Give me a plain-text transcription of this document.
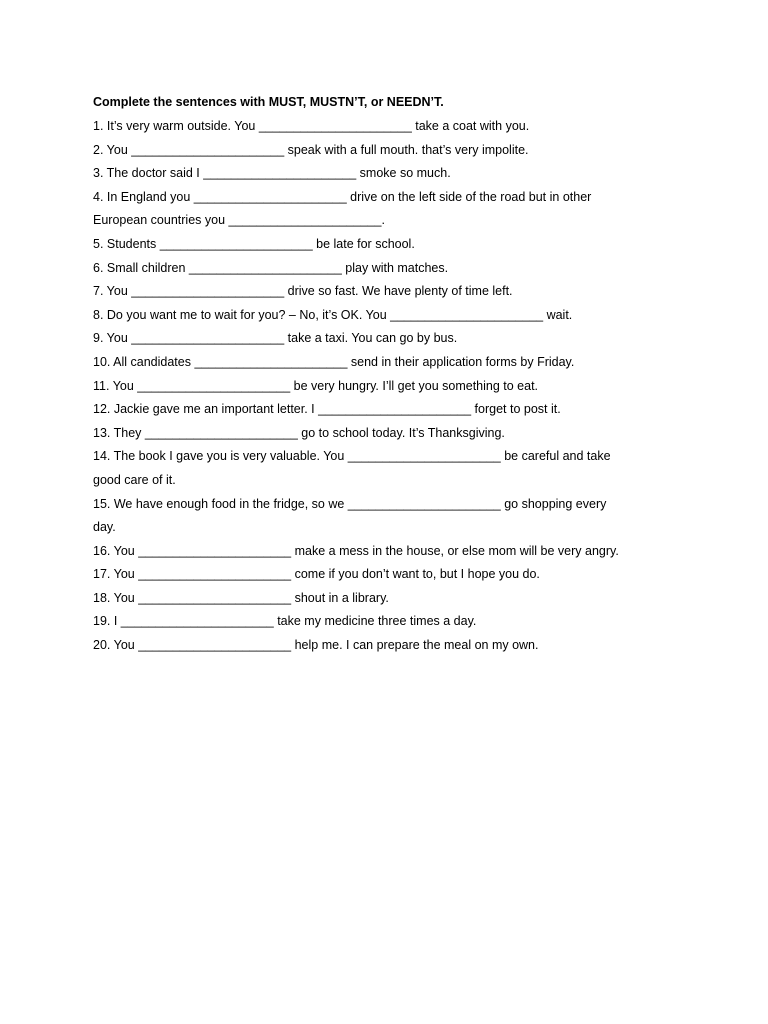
Complete the sentences with MUST, MUSTN’T, or NEEDN’T.

1. It’s very warm outside. You ______________________ take a coat with you.

2. You ______________________ speak with a full mouth. that’s very impolite.

3. The doctor said I ______________________ smoke so much.

4. In England you ______________________ drive on the left side of the road but in other

European countries you ______________________.

5. Students ______________________ be late for school.

6. Small children ______________________ play with matches.

7. You ______________________ drive so fast. We have plenty of time left.

8. Do you want me to wait for you? – No, it’s OK. You ______________________ wait.

9. You ______________________ take a taxi. You can go by bus.

10. All candidates ______________________ send in their application forms by Friday.

11. You ______________________ be very hungry. I’ll get you something to eat.

12. Jackie gave me an important letter. I ______________________ forget to post it.

13. They ______________________ go to school today. It’s Thanksgiving.

14. The book I gave you is very valuable. You ______________________ be careful and take

good care of it.

15. We have enough food in the fridge, so we ______________________ go shopping every

day.

16. You ______________________ make a mess in the house, or else mom will be very angry.

17. You ______________________ come if you don’t want to, but I hope you do.

18. You ______________________ shout in a library.

19. I ______________________ take my medicine three times a day.

20. You ______________________ help me. I can prepare the meal on my own.
